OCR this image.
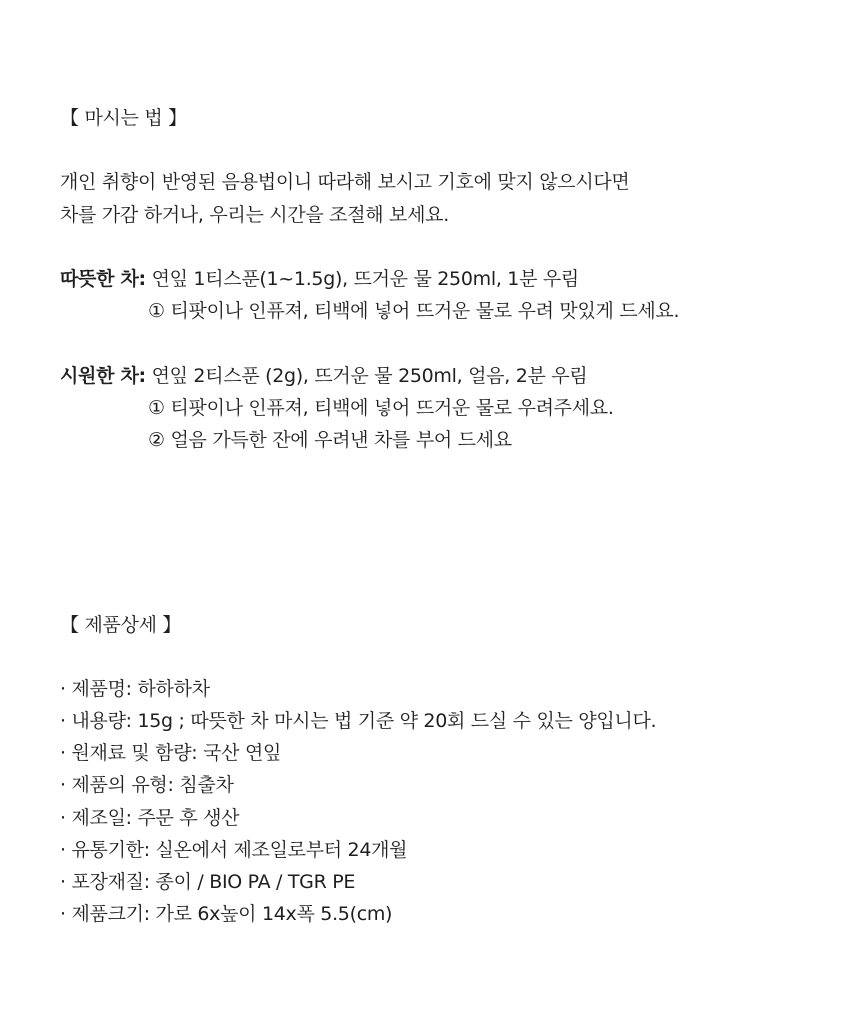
【 마시는 법 】
개인 취향이 반영된 음용법이니 따라해 보시고 기호에 맞지 않으시다면
차를 가감 하거나, 우리는 시간을 조절해 보세요.
따뜻한 차: 연잎 1티스푼(1~1.5g), 뜨거운 물 250ml, 1분 우림
① 티팟이나 인퓨져, 티백에 넣어 뜨거운 물로 우려 맛있게 드세요.
시원한 차: 연잎 2티스푼 (2g), 뜨거운 물 250ml, 얼음, 2분 우림
① 티팟이나 인퓨져, 티백에 넣어 뜨거운 물로 우려주세요.
② 얼음 가득한 잔에 우려낸 차를 부어 드세요
【 제품상세 】
· 제품명: 하하하차
· 내용량: 15g ; 따뜻한 차 마시는 법 기준 약 20회 드실 수 있는 양입니다.
· 원재료 및 함량: 국산 연잎
· 제품의 유형: 침출차
· 제조일: 주문 후 생산
· 유통기한: 실온에서 제조일로부터 24개월
· 포장재질: 종이 / BIO PA / TGR PE
· 제품크기: 가로 6x높이 14x폭 5.5(cm)
